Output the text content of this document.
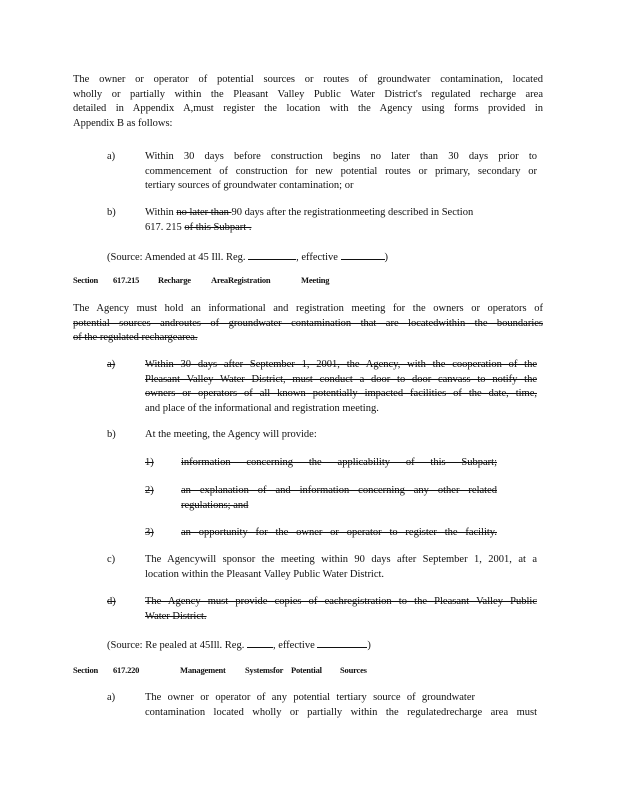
The owner or operator of potential sources or routes of groundwater contamination, located
wholly or partially within the Pleasant Valley Public Water District's regulated recharge area
detailed in Appendix A,must register the location with the Agency using forms provided in
Appendix B as follows:
a)	Within 30 days before construction begins no later than 30 days prior to
commencement of construction for new potential routes or primary, secondary or
tertiary sources of groundwater contamination; or
b)	Within no later than 90 days after the registrationmeeting described in Section
617. 215 of this Subpart .
(Source: Amended at 45 Ill. Reg.	, effective	)
Section 617.215 Recharge AreaRegistration	Meeting
The Agency must hold an informational and registration meeting for the owners or operators of
potential sources androutes of groundwater contamination that are locatedwithin the boundaries
of the regulated rechargearea.
a)	Within 30 days after September 1, 2001, the Agency, with the cooperation of the
Pleasant Valley Water District, must conduct a door to door canvass to notify the
owners or operators of all known potentially impacted facilities of the date, time,
and place of the informational and registration meeting.
b)	At the meeting, the Agency will provide:
1)	information concerning the applicability of this Subpart;
2)	an explanation of and information concerning any other related
regulations; and
3)	an opportunity for the owner or operator to register the facility.
c)	The Agencywill sponsor the meeting within 90 days after September 1, 2001, at a
location within the Pleasant Valley Public Water District.
d)	The Agency must provide copies of eachregistration to the Pleasant Valley Public
Water District.
(Source: Re pealed at 45Ill. Reg.	, effective	)
Section 617.220	Management Systems for Potential Sources
a)	The owner or operator of any potential tertiary source of groundwater
contamination located wholly or partially within the regulatedrecharge area must
